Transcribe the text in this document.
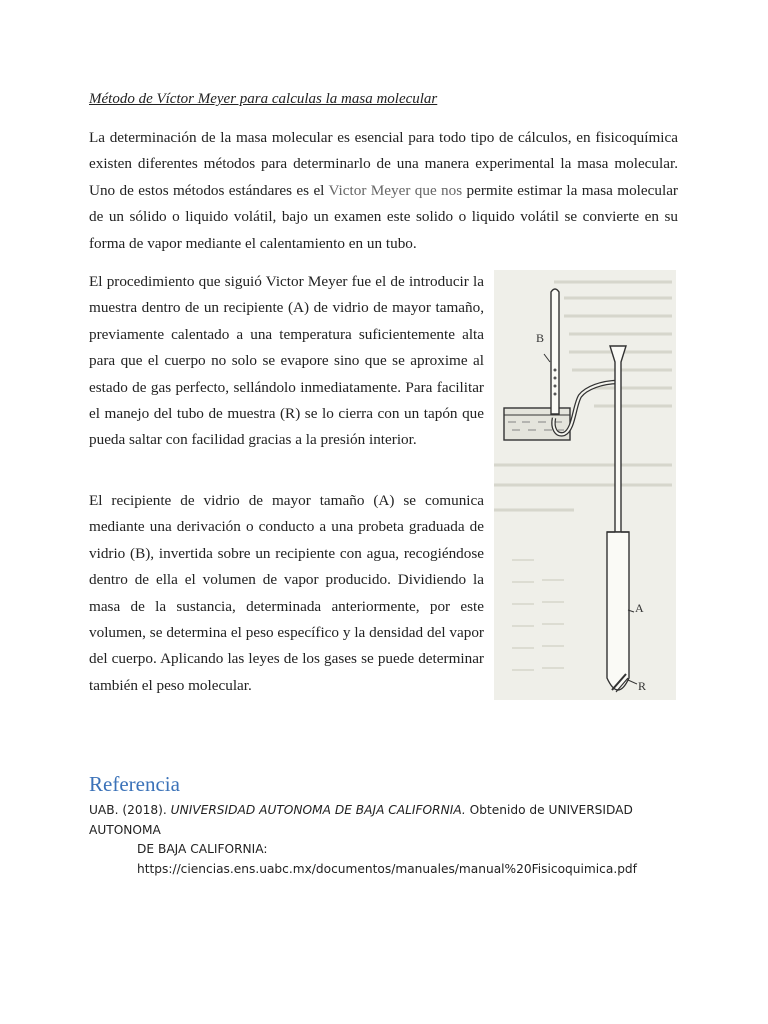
Método de Víctor Meyer para calculas la masa molecular

La determinación de la masa molecular es esencial para todo tipo de cálculos, en fisicoquímica existen diferentes métodos para determinarlo de una manera experimental la masa molecular. Uno de estos métodos estándares es el Victor Meyer que nos permite estimar la masa molecular de un sólido o liquido volátil, bajo un examen este solido o liquido volátil se convierte en su forma de vapor mediante el calentamiento en un tubo.

El procedimiento que siguió Victor Meyer fue el de introducir la muestra dentro de un recipiente (A) de vidrio de mayor tamaño, previamente calentado a una temperatura suficientemente alta para que el cuerpo no solo se evapore sino que se aproxime al estado de gas perfecto, sellándolo inmediatamente. Para facilitar el manejo del tubo de muestra (R) se lo cierra con un tapón que pueda saltar con facilidad gracias a la presión interior.

El recipiente de vidrio de mayor tamaño (A) se comunica mediante una derivación o conducto a una probeta graduada de vidrio (B), invertida sobre un recipiente con agua, recogiéndose dentro de ella el volumen de vapor producido. Dividiendo la masa de la sustancia, determinada anteriormente, por este volumen, se determina el peso específico y la densidad del vapor del cuerpo. Aplicando las leyes de los gases se puede determinar también el peso molecular.

B
A
R
Referencia
UAB. (2018). UNIVERSIDAD AUTONOMA DE BAJA CALIFORNIA. Obtenido de UNIVERSIDAD AUTONOMA
DE BAJA CALIFORNIA:
https://ciencias.ens.uabc.mx/documentos/manuales/manual%20Fisicoquimica.pdf
